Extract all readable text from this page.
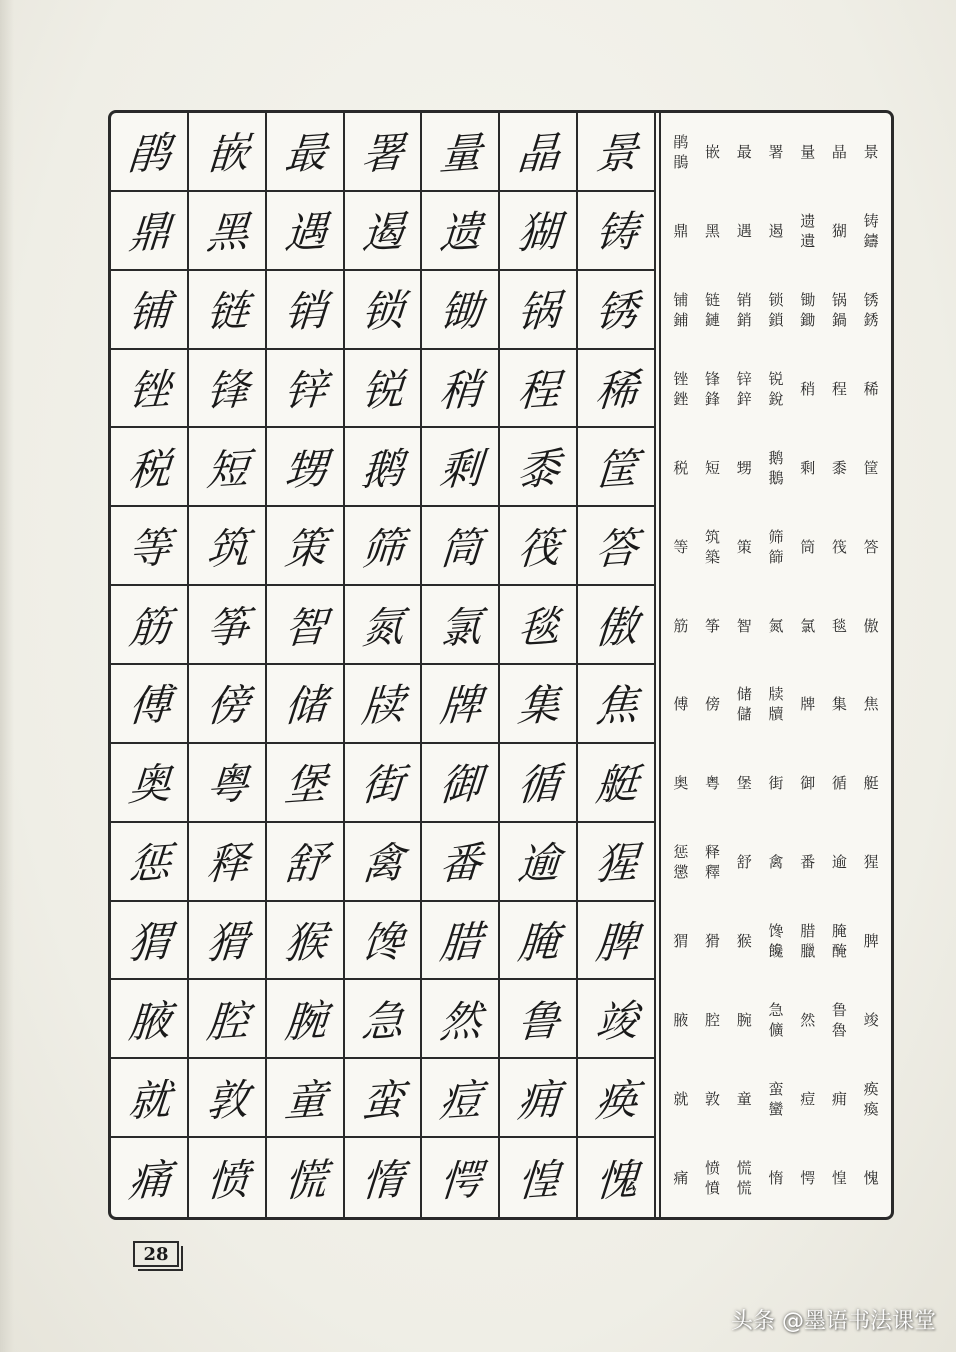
鹃 嵌 最 署 量 晶 景
鼎 黑 遇 遏 遗 猢 铸
铺 链 销 锁 锄 锅 锈
锉 锋 锌 锐 稍 程 稀
税 短 甥 鹅 剩 黍 筐
等 筑 策 筛 筒 筏 答
筋 筝 智 氮 氯 毯 傲
傅 傍 储 牍 牌 集 焦
奥 粤 堡 街 御 循 艇
惩 释 舒 禽 番 逾 猩
猬 猾 猴 馋 腊 腌 脾
腋 腔 腕 急 然 鲁 竣
就 敦 童 蛮 痘 痈 痪
痛 愤 慌 惰 愕 惶 愧
鹃
鵑
嵌 最 署 量 晶 景
鼎 黑 遇 遏
遗
遺
猢
铸
鑄
铺
鋪
链
鏈
销
銷
锁
鎖
锄
鋤
锅
鍋
锈
銹
锉
銼
锋
鋒
锌
鋅
锐
銳
稍 程 稀
税 短 甥
鹅
鵝
剩 黍 筐
等
筑
築
策
筛
篩
筒 筏 答
筋 筝 智 氮 氯 毯 傲
傅 傍
储
儲
牍
牘
牌 集 焦
奥 粤 堡 街 御 循 艇
惩
懲
释
釋
舒 禽 番 逾 猩
猬 猾 猴
馋
饞
腊
臘
腌
醃
脾
腋 腔 腕
急
儣
然
鲁
魯
竣
就 敦 童
蛮
蠻
痘 痈
痪
瘓
痛
愤
憤
慌
慌
惰 愕 惶 愧
28
头条 @墨语书法课堂
